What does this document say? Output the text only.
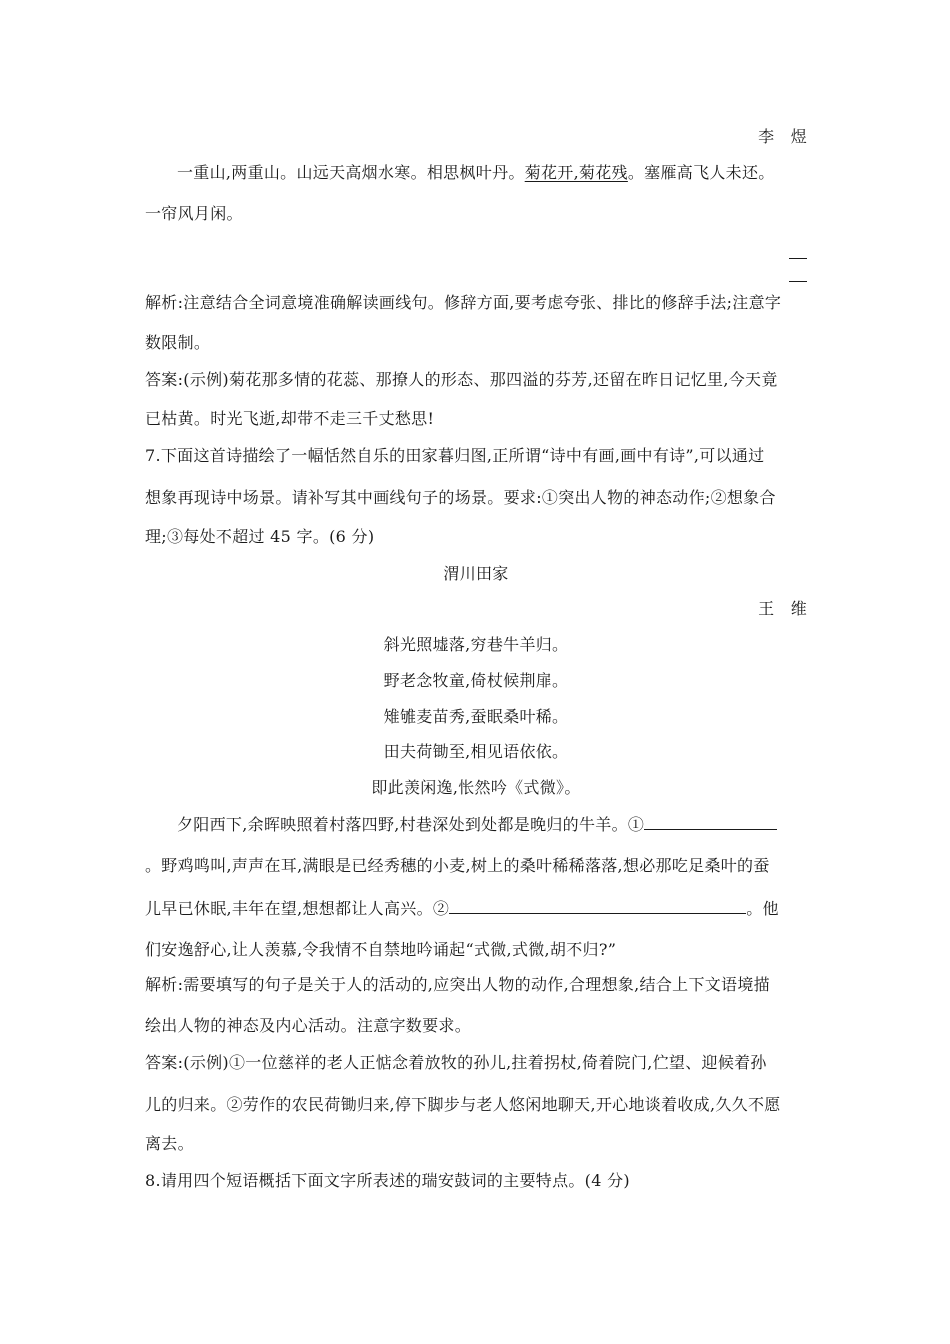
李　煜
一重山,两重山。山远天高烟水寒。相思枫叶丹。菊花开,菊花残。塞雁高飞人未还。
一帘风月闲。
解析:注意结合全词意境准确解读画线句。修辞方面,要考虑夸张、排比的修辞手法;注意字
数限制。
答案:(示例)菊花那多情的花蕊、那撩人的形态、那四溢的芬芳,还留在昨日记忆里,今天竟
已枯黄。时光飞逝,却带不走三千丈愁思!
7.下面这首诗描绘了一幅恬然自乐的田家暮归图,正所谓“诗中有画,画中有诗”,可以通过
想象再现诗中场景。请补写其中画线句子的场景。要求:①突出人物的神态动作;②想象合
理;③每处不超过 45 字。(6 分)
渭川田家
王　维
斜光照墟落,穷巷牛羊归。
野老念牧童,倚杖候荆扉。
雉雊麦苗秀,蚕眠桑叶稀。
田夫荷锄至,相见语依依。
即此羡闲逸,怅然吟《式微》。
夕阳西下,余晖映照着村落四野,村巷深处到处都是晚归的牛羊。①
。野鸡鸣叫,声声在耳,满眼是已经秀穗的小麦,树上的桑叶稀稀落落,想必那吃足桑叶的蚕
儿早已休眠,丰年在望,想想都让人高兴。②	。他
们安逸舒心,让人羡慕,令我情不自禁地吟诵起“式微,式微,胡不归?”
解析:需要填写的句子是关于人的活动的,应突出人物的动作,合理想象,结合上下文语境描
绘出人物的神态及内心活动。注意字数要求。
答案:(示例)①一位慈祥的老人正惦念着放牧的孙儿,拄着拐杖,倚着院门,伫望、迎候着孙
儿的归来。②劳作的农民荷锄归来,停下脚步与老人悠闲地聊天,开心地谈着收成,久久不愿
离去。
8.请用四个短语概括下面文字所表述的瑞安鼓词的主要特点。(4 分)
